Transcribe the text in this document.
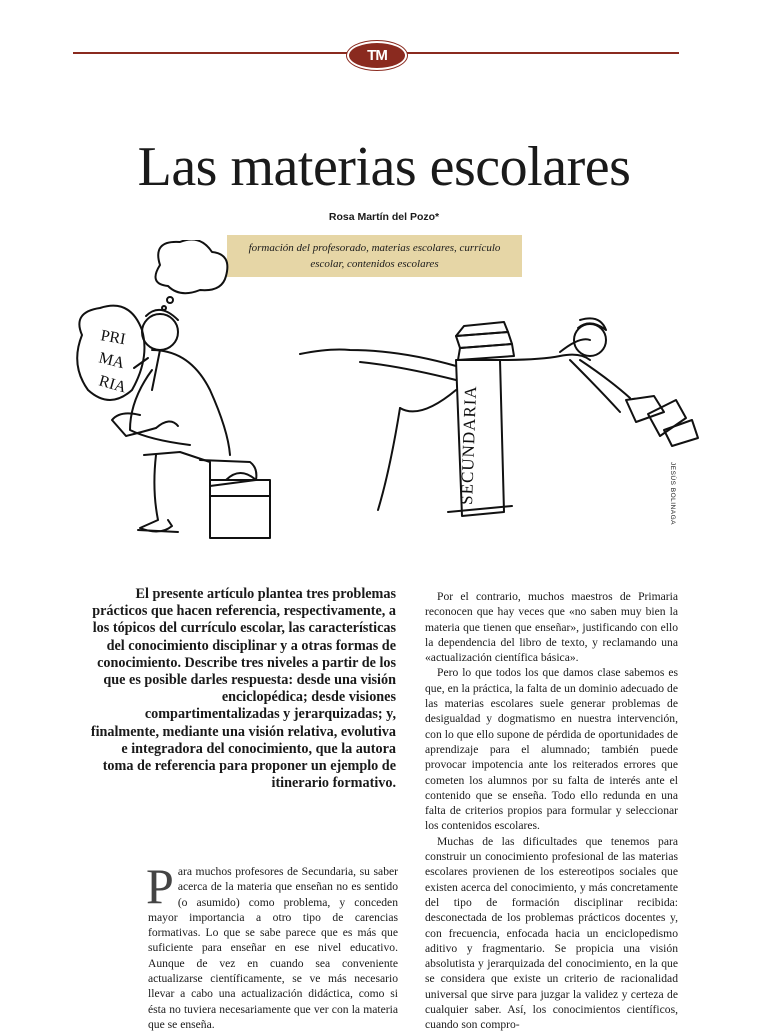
TM
Las materias escolares
Rosa Martín del Pozo*
formación del profesorado, materias escolares, currículo escolar, contenidos escolares
PRI
MA
RIA
SECUNDARIA	JESÚS BOLINAGA
El presente artículo plantea tres problemas prácticos que hacen referencia, respectivamente, a los tópicos del currículo escolar, las características del conocimiento disciplinar y a otras formas de conocimiento. Describe tres niveles a partir de los que es posible darles respuesta: desde una visión enciclopédica; desde visiones compartimentalizadas y jerarquizadas; y, finalmente, mediante una visión relativa, evolutiva e integradora del conocimiento, que la autora toma de referencia para proponer un ejemplo de itinerario formativo.

P ara muchos profesores de Secundaria, su saber acerca de la materia que enseñan no es sentido (o asumido) como problema, y conceden mayor importancia a otro tipo de carencias formativas. Lo que se sabe parece que es más que suficiente para enseñar en ese nivel educativo. Aunque de vez en cuando sea conveniente actualizarse científicamente, se ve más necesario llevar a cabo una actualización didáctica, como si ésta no tuviera necesariamente que ver con la materia que se enseña.

Por el contrario, muchos maestros de Primaria reconocen que hay veces que «no saben muy bien la materia que tienen que enseñar», justificando con ello la dependencia del libro de texto, y reclamando una «actualización científica básica».

Pero lo que todos los que damos clase sabemos es que, en la práctica, la falta de un dominio adecuado de las materias escolares suele generar problemas de desigualdad y dogmatismo en nuestra intervención, con lo que ello supone de pérdida de oportunidades de aprendizaje para el alumnado; también puede provocar impotencia ante los reiterados errores que cometen los alumnos por su falta de interés ante el contenido que se enseña. Todo ello redunda en una falta de criterios propios para formular y seleccionar los contenidos escolares.

Muchas de las dificultades que tenemos para construir un conocimiento profesional de las materias escolares provienen de los estereotipos sociales que existen acerca del conocimiento, y más concretamente del tipo de formación disciplinar recibida: desconectada de los problemas prácticos docentes y, con frecuencia, enfocada hacia un enciclopedismo aditivo y fragmentario. Se propicia una visión absolutista y jerarquizada del conocimiento, en la que se considera que existe un criterio de racionalidad universal que sirve para juzgar la validez y certeza de cualquier saber. Así, los conocimientos científicos, cuando son compro-
